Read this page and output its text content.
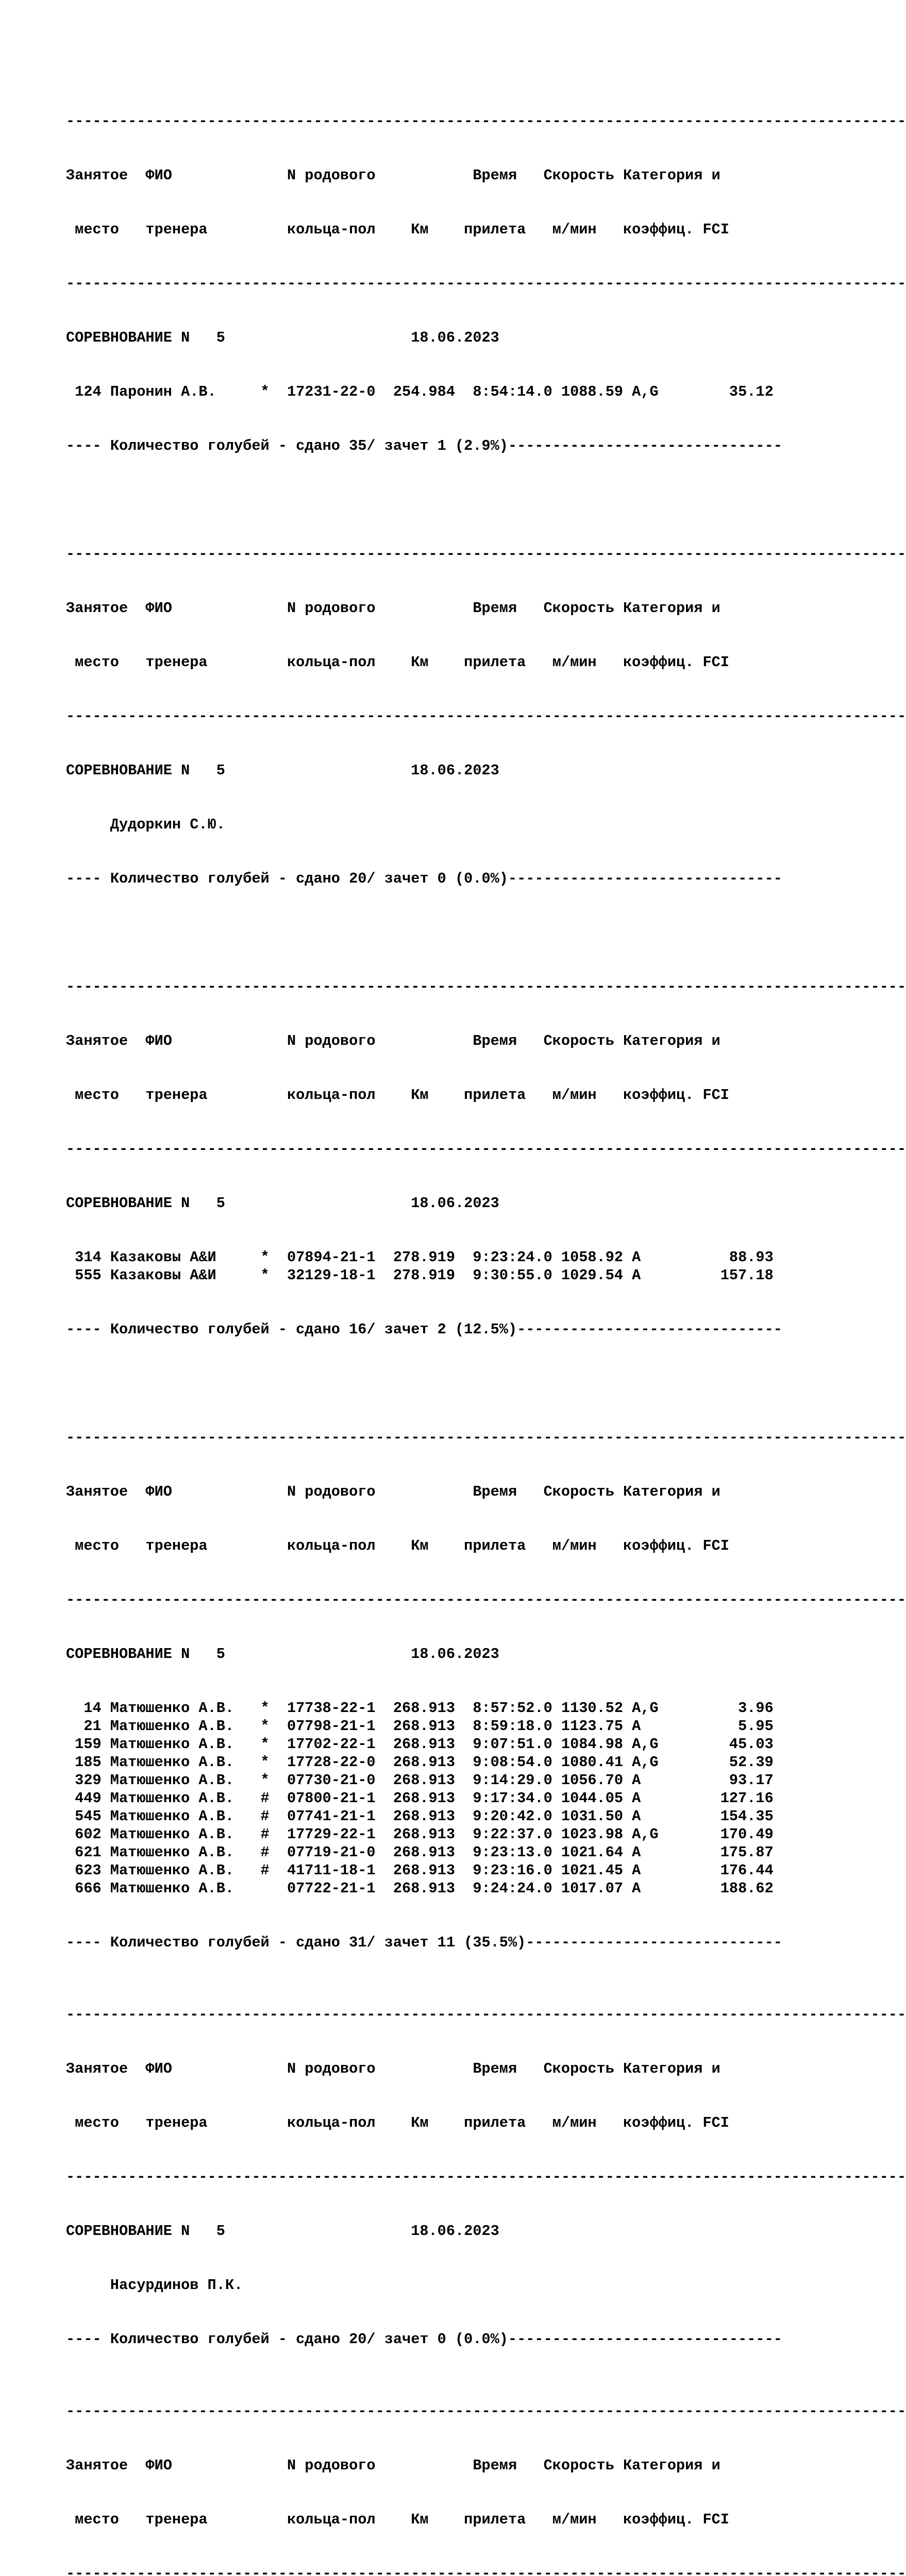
-----------------------------------------------------------------------------------------------

Занятое  ФИО             N родового           Время   Скорость Категория и

место   тренера         кольца-пол    Км    прилета   м/мин   коэффиц. FCI

-----------------------------------------------------------------------------------------------

СОРЕВНОВАНИЕ N   5                     18.06.2023

124 Паронин А.В.     *  17231-22-0  254.984  8:54:14.0 1088.59 A,G        35.12

---- Количество голубей - сдано 35/ зачет 1 (2.9%)-------------------------------

-----------------------------------------------------------------------------------------------

Занятое  ФИО             N родового           Время   Скорость Категория и

место   тренера         кольца-пол    Км    прилета   м/мин   коэффиц. FCI

-----------------------------------------------------------------------------------------------

СОРЕВНОВАНИЕ N   5                     18.06.2023

Дудоркин С.Ю.

---- Количество голубей - сдано 20/ зачет 0 (0.0%)-------------------------------

-----------------------------------------------------------------------------------------------

Занятое  ФИО             N родового           Время   Скорость Категория и

место   тренера         кольца-пол    Км    прилета   м/мин   коэффиц. FCI

-----------------------------------------------------------------------------------------------

СОРЕВНОВАНИЕ N   5                     18.06.2023

314 Казаковы А&И     *  07894-21-1  278.919  9:23:24.0 1058.92 A          88.93
555 Казаковы А&И     *  32129-18-1  278.919  9:30:55.0 1029.54 A         157.18

---- Количество голубей - сдано 16/ зачет 2 (12.5%)------------------------------

-----------------------------------------------------------------------------------------------

Занятое  ФИО             N родового           Время   Скорость Категория и

место   тренера         кольца-пол    Км    прилета   м/мин   коэффиц. FCI

-----------------------------------------------------------------------------------------------

СОРЕВНОВАНИЕ N   5                     18.06.2023

14 Матюшенко А.В.   *  17738-22-1  268.913  8:57:52.0 1130.52 A,G         3.96
21 Матюшенко А.В.   *  07798-21-1  268.913  8:59:18.0 1123.75 A           5.95
159 Матюшенко А.В.   *  17702-22-1  268.913  9:07:51.0 1084.98 A,G        45.03
185 Матюшенко А.В.   *  17728-22-0  268.913  9:08:54.0 1080.41 A,G        52.39
329 Матюшенко А.В.   *  07730-21-0  268.913  9:14:29.0 1056.70 A          93.17
449 Матюшенко А.В.   #  07800-21-1  268.913  9:17:34.0 1044.05 A         127.16
545 Матюшенко А.В.   #  07741-21-1  268.913  9:20:42.0 1031.50 A         154.35
602 Матюшенко А.В.   #  17729-22-1  268.913  9:22:37.0 1023.98 A,G       170.49
621 Матюшенко А.В.   #  07719-21-0  268.913  9:23:13.0 1021.64 A         175.87
623 Матюшенко А.В.   #  41711-18-1  268.913  9:23:16.0 1021.45 A         176.44
666 Матюшенко А.В.      07722-21-1  268.913  9:24:24.0 1017.07 A         188.62

---- Количество голубей - сдано 31/ зачет 11 (35.5%)-----------------------------

-----------------------------------------------------------------------------------------------

Занятое  ФИО             N родового           Время   Скорость Категория и

место   тренера         кольца-пол    Км    прилета   м/мин   коэффиц. FCI

-----------------------------------------------------------------------------------------------

СОРЕВНОВАНИЕ N   5                     18.06.2023

Насурдинов П.К.

---- Количество голубей - сдано 20/ зачет 0 (0.0%)-------------------------------

-----------------------------------------------------------------------------------------------

Занятое  ФИО             N родового           Время   Скорость Категория и

место   тренера         кольца-пол    Км    прилета   м/мин   коэффиц. FCI

-----------------------------------------------------------------------------------------------
